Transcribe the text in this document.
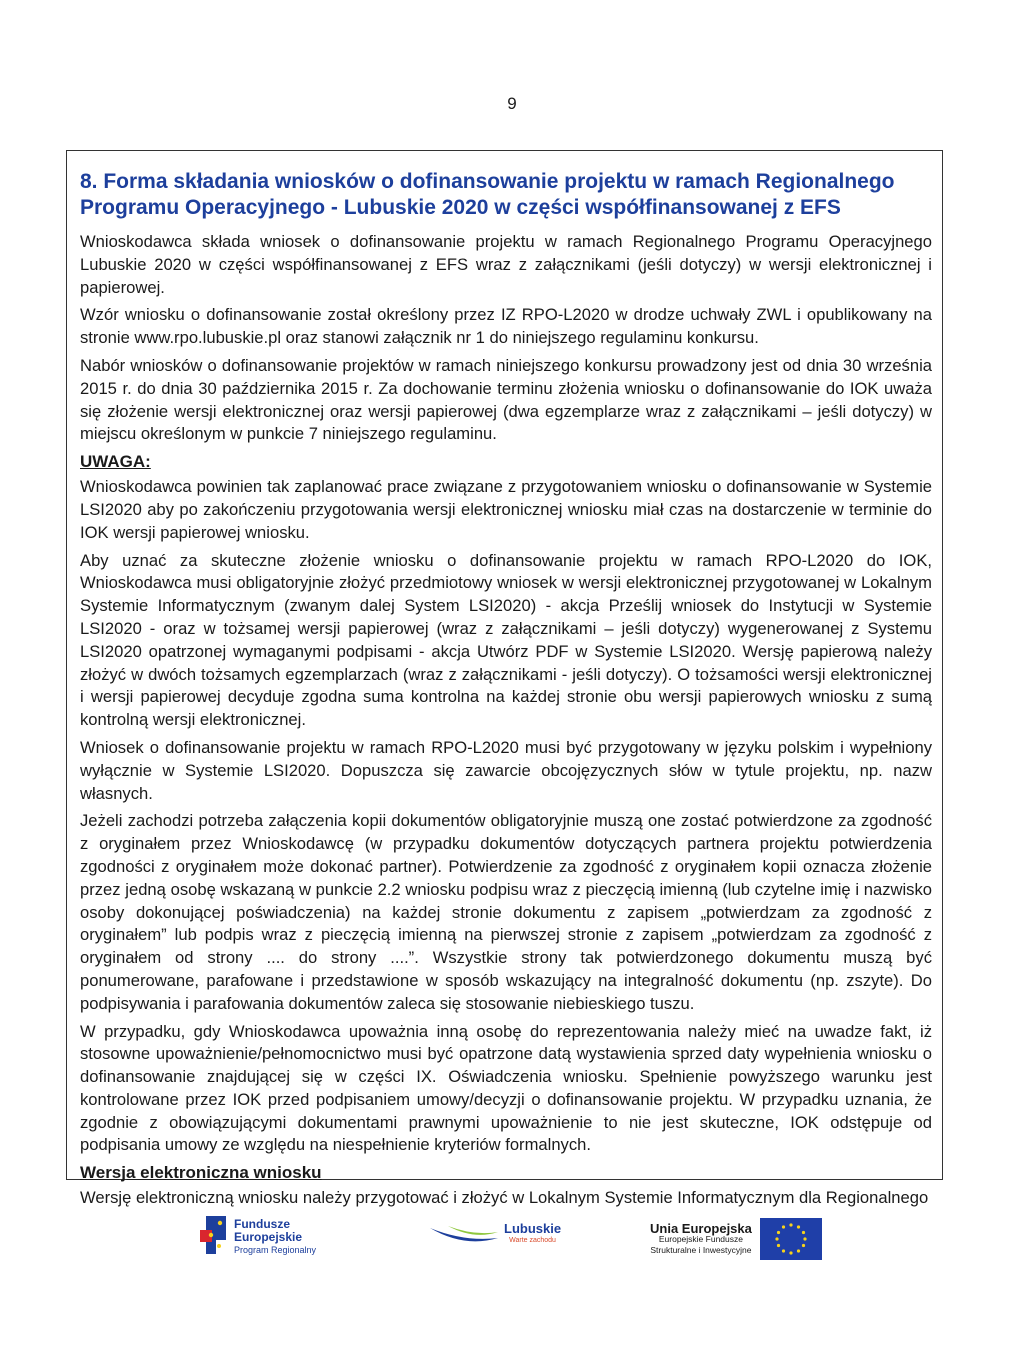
9
8. Forma składania wniosków o dofinansowanie projektu w ramach Regionalnego Programu Operacyjnego - Lubuskie 2020 w części współfinansowanej z EFS

Wnioskodawca składa wniosek o dofinansowanie projektu w ramach Regionalnego Programu Operacyjnego Lubuskie 2020 w części współfinansowanej z EFS wraz z załącznikami (jeśli dotyczy) w wersji elektronicznej i papierowej.

Wzór wniosku o dofinansowanie został określony przez IZ RPO-L2020 w drodze uchwały ZWL i opublikowany na stronie www.rpo.lubuskie.pl oraz stanowi załącznik nr 1 do niniejszego regulaminu konkursu.

Nabór wniosków o dofinansowanie projektów w ramach niniejszego konkursu prowadzony jest od dnia 30 września 2015 r. do dnia 30 października 2015 r. Za dochowanie terminu złożenia wniosku o dofinansowanie do IOK uważa się złożenie wersji elektronicznej oraz wersji papierowej (dwa egzemplarze wraz z załącznikami – jeśli dotyczy) w miejscu określonym w punkcie 7 niniejszego regulaminu.

UWAGA:

Wnioskodawca powinien tak zaplanować prace związane z przygotowaniem wniosku o dofinansowanie w Systemie LSI2020 aby po zakończeniu przygotowania wersji elektronicznej wniosku miał czas na dostarczenie w terminie do IOK wersji papierowej wniosku.

Aby uznać za skuteczne złożenie wniosku o dofinansowanie projektu w ramach RPO-L2020 do IOK, Wnioskodawca musi obligatoryjnie złożyć przedmiotowy wniosek w wersji elektronicznej przygotowanej w Lokalnym Systemie Informatycznym (zwanym dalej System LSI2020) - akcja Prześlij wniosek do Instytucji w Systemie LSI2020 - oraz w tożsamej wersji papierowej (wraz z załącznikami – jeśli dotyczy) wygenerowanej z Systemu LSI2020 opatrzonej wymaganymi podpisami - akcja Utwórz PDF w Systemie LSI2020. Wersję papierową należy złożyć w dwóch tożsamych egzemplarzach (wraz z załącznikami - jeśli dotyczy). O tożsamości wersji elektronicznej i wersji papierowej decyduje zgodna suma kontrolna na każdej stronie obu wersji papierowych wniosku z sumą kontrolną wersji elektronicznej.

Wniosek o dofinansowanie projektu w ramach RPO-L2020 musi być przygotowany w języku polskim i wypełniony wyłącznie w Systemie LSI2020. Dopuszcza się zawarcie obcojęzycznych słów w tytule projektu, np. nazw własnych.

Jeżeli zachodzi potrzeba załączenia kopii dokumentów obligatoryjnie muszą one zostać potwierdzone za zgodność z oryginałem przez Wnioskodawcę (w przypadku dokumentów dotyczących partnera projektu potwierdzenia zgodności z oryginałem może dokonać partner). Potwierdzenie za zgodność z oryginałem kopii oznacza złożenie przez jedną osobę wskazaną w punkcie 2.2 wniosku podpisu wraz z pieczęcią imienną (lub czytelne imię i nazwisko osoby dokonującej poświadczenia) na każdej stronie dokumentu z zapisem „potwierdzam za zgodność z oryginałem” lub podpis wraz z pieczęcią imienną na pierwszej stronie z zapisem „potwierdzam za zgodność z oryginałem od strony .... do strony ....”. Wszystkie strony tak potwierdzonego dokumentu muszą być ponumerowane, parafowane i przedstawione w sposób wskazujący na integralność dokumentu (np. zszyte). Do podpisywania i parafowania dokumentów zaleca się stosowanie niebieskiego tuszu.

W przypadku, gdy Wnioskodawca upoważnia inną osobę do reprezentowania należy mieć na uwadze fakt, iż stosowne upoważnienie/pełnomocnictwo musi być opatrzone datą wystawienia sprzed daty wypełnienia wniosku o dofinansowanie znajdującej się w części IX. Oświadczenia wniosku. Spełnienie powyższego warunku jest kontrolowane przez IOK przed podpisaniem umowy/decyzji o dofinansowanie projektu. W przypadku uznania, że zgodnie z obowiązującymi dokumentami prawnymi upoważnienie to nie jest skuteczne, IOK odstępuje od podpisania umowy ze względu na niespełnienie kryteriów formalnych.

Wersja elektroniczna wniosku

Wersję elektroniczną wniosku należy przygotować i złożyć w Lokalnym Systemie Informatycznym dla Regionalnego

Fundusze
Europejskie
Program Regionalny
Lubuskie
Warte zachodu
Unia Europejska
Europejskie Fundusze
Strukturalne i Inwestycyjne
